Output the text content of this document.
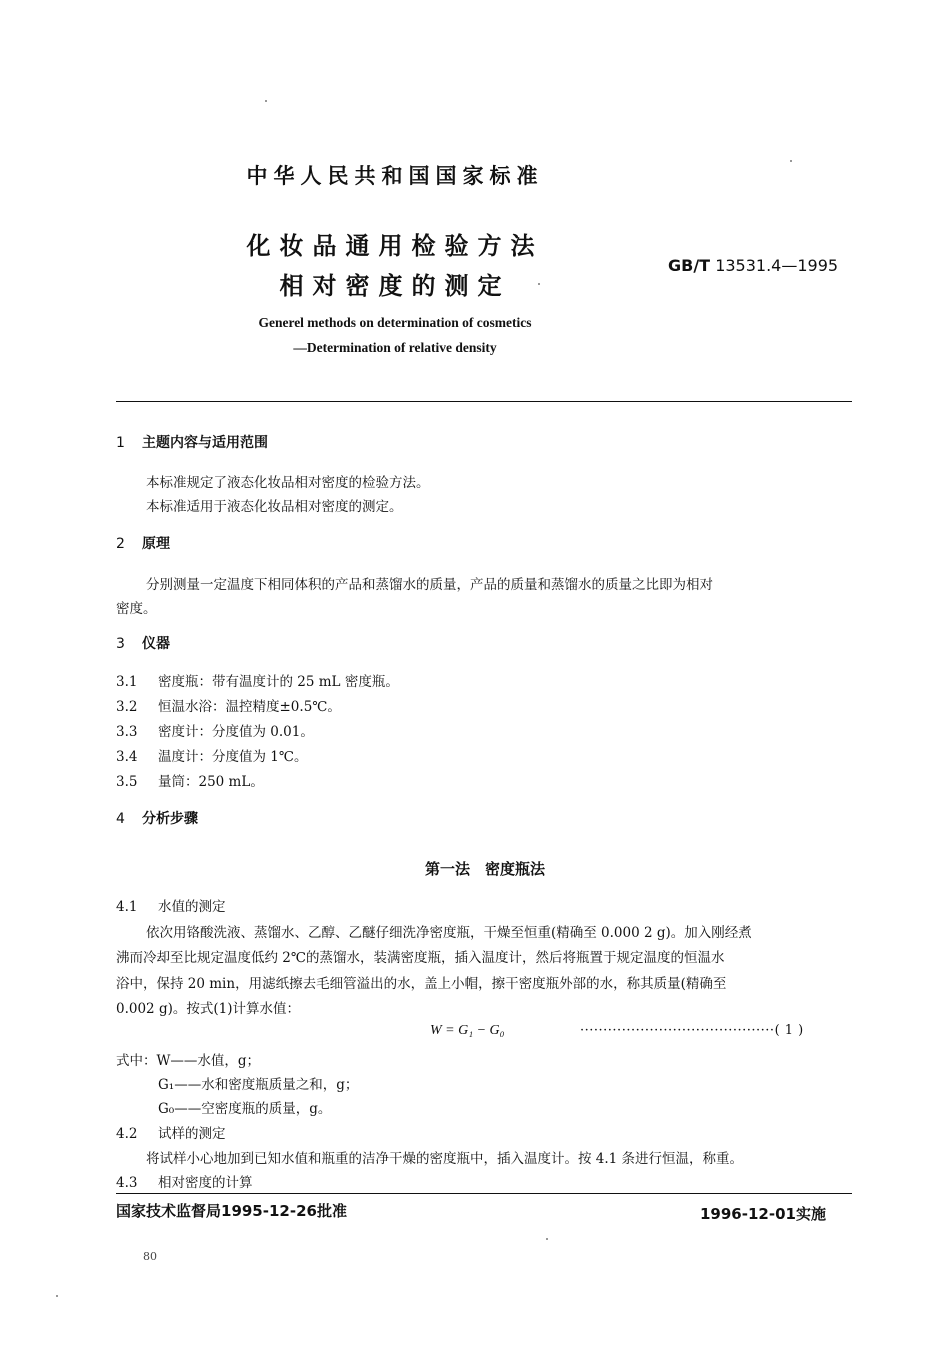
中华人民共和国国家标准
化妆品通用检验方法
相对密度的测定
GB/T 13531.4—1995
Generel methods on determination of cosmetics
—Determination of relative density
1 主题内容与适用范围
本标准规定了液态化妆品相对密度的检验方法。
本标准适用于液态化妆品相对密度的测定。
2 原理
分别测量一定温度下相同体积的产品和蒸馏水的质量，产品的质量和蒸馏水的质量之比即为相对
密度。
3 仪器
3.1 密度瓶：带有温度计的 25 mL 密度瓶。
3.2 恒温水浴：温控精度±0.5℃。
3.3 密度计：分度值为 0.01。
3.4 温度计：分度值为 1℃。
3.5 量筒：250 mL。
4 分析步骤
第一法　密度瓶法
4.1 水值的测定
依次用铬酸洗液、蒸馏水、乙醇、乙醚仔细洗净密度瓶，干燥至恒重(精确至 0.000 2 g)。加入刚经煮
沸而冷却至比规定温度低约 2℃的蒸馏水，装满密度瓶，插入温度计，然后将瓶置于规定温度的恒温水
浴中，保持 20 min，用滤纸擦去毛细管溢出的水，盖上小帽，擦干密度瓶外部的水，称其质量(精确至
0.002 g)。按式(1)计算水值：
W = G₁ − G₀	··········································( 1 )
式中：W——水值，g；
G₁——水和密度瓶质量之和，g；
G₀——空密度瓶的质量，g。
4.2 试样的测定
将试样小心地加到已知水值和瓶重的洁净干燥的密度瓶中，插入温度计。按 4.1 条进行恒温，称重。
4.3 相对密度的计算
国家技术监督局1995-12-26批准	1996-12-01实施
80
